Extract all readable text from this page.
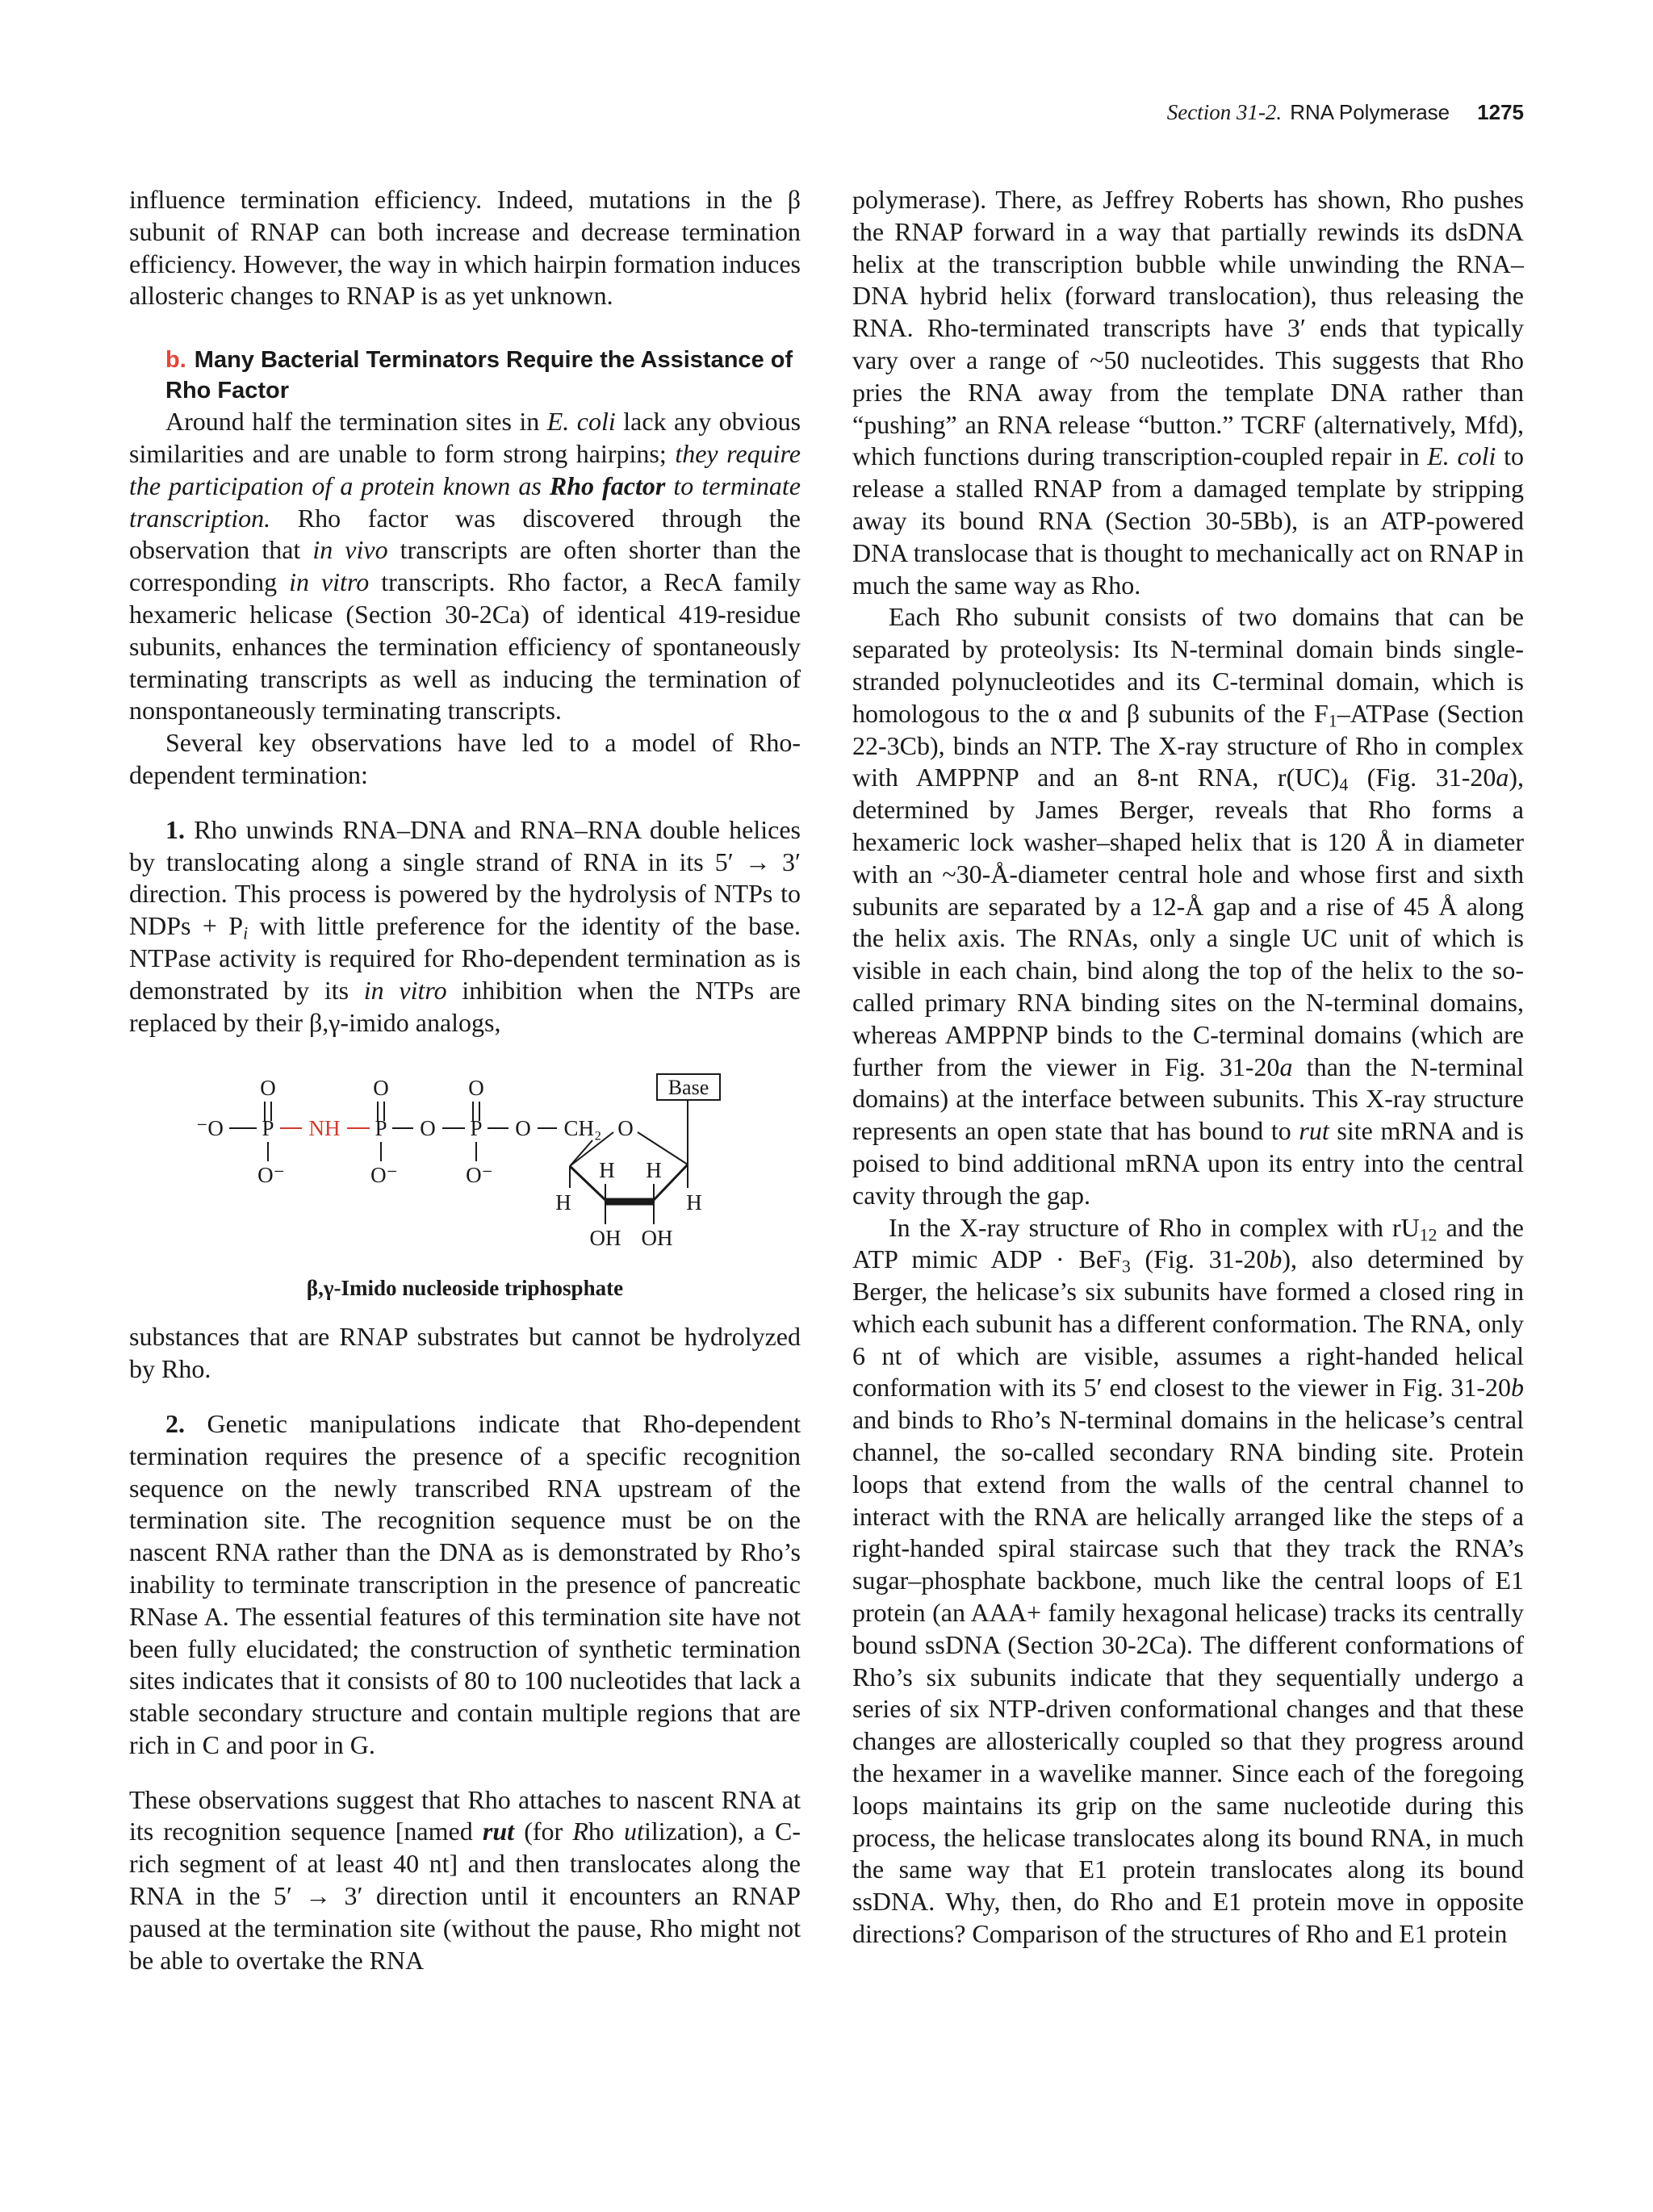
Section 31-2. RNA Polymerase 1275

influence termination efficiency. Indeed, mutations in the β subunit of RNAP can both increase and decrease termination efficiency. However, the way in which hairpin formation induces allosteric changes to RNAP is as yet unknown.

b. Many Bacterial Terminators Require the Assistance of Rho Factor

Around half the termination sites in E. coli lack any obvious similarities and are unable to form strong hairpins; they require the participation of a protein known as Rho factor to terminate transcription. Rho factor was discovered through the observation that in vivo transcripts are often shorter than the corresponding in vitro transcripts. Rho factor, a RecA family hexameric helicase (Section 30-2Ca) of identical 419-residue subunits, enhances the termination efficiency of spontaneously terminating transcripts as well as inducing the termination of nonspontaneously terminating transcripts.

Several key observations have led to a model of Rho-dependent termination:

1. Rho unwinds RNA–DNA and RNA–RNA double helices by translocating along a single strand of RNA in its 5′ → 3′ direction. This process is powered by the hydrolysis of NTPs to NDPs + $P_i$ with little preference for the identity of the base. NTPase activity is required for Rho-dependent termination as is demonstrated by its in vitro inhibition when the NTPs are replaced by their β,γ-imido analogs,

O	O	O
⁻O P NH P O P O CH₂
O⁻	O⁻	O⁻
O
H H
H	H
OH OH
Base
β,γ-Imido nucleoside triphosphate

substances that are RNAP substrates but cannot be hydrolyzed by Rho.

2. Genetic manipulations indicate that Rho-dependent termination requires the presence of a specific recognition sequence on the newly transcribed RNA upstream of the termination site. The recognition sequence must be on the nascent RNA rather than the DNA as is demonstrated by Rho’s inability to terminate transcription in the presence of pancreatic RNase A. The essential features of this termination site have not been fully elucidated; the construction of synthetic termination sites indicates that it consists of 80 to 100 nucleotides that lack a stable secondary structure and contain multiple regions that are rich in C and poor in G.

These observations suggest that Rho attaches to nascent RNA at its recognition sequence [named rut (for Rho utilization), a C-rich segment of at least 40 nt] and then translocates along the RNA in the 5′ → 3′ direction until it encounters an RNAP paused at the termination site (without the pause, Rho might not be able to overtake the RNA

polymerase). There, as Jeffrey Roberts has shown, Rho pushes the RNAP forward in a way that partially rewinds its dsDNA helix at the transcription bubble while unwinding the RNA–DNA hybrid helix (forward translocation), thus releasing the RNA. Rho-terminated transcripts have 3′ ends that typically vary over a range of ~50 nucleotides. This suggests that Rho pries the RNA away from the template DNA rather than “pushing” an RNA release “button.” TCRF (alternatively, Mfd), which functions during transcription-coupled repair in E. coli to release a stalled RNAP from a damaged template by stripping away its bound RNA (Section 30-5Bb), is an ATP-powered DNA translocase that is thought to mechanically act on RNAP in much the same way as Rho.

Each Rho subunit consists of two domains that can be separated by proteolysis: Its N-terminal domain binds single-stranded polynucleotides and its C-terminal domain, which is homologous to the α and β subunits of the $F_1$–ATPase (Section 22-3Cb), binds an NTP. The X-ray structure of Rho in complex with AMPPNP and an 8-nt RNA, $r(UC)_4$ (Fig. 31-20a), determined by James Berger, reveals that Rho forms a hexameric lock washer–shaped helix that is 120 Å in diameter with an ~30-Å-diameter central hole and whose first and sixth subunits are separated by a 12-Å gap and a rise of 45 Å along the helix axis. The RNAs, only a single UC unit of which is visible in each chain, bind along the top of the helix to the so-called primary RNA binding sites on the N-terminal domains, whereas AMPPNP binds to the C-terminal domains (which are further from the viewer in Fig. 31-20a than the N-terminal domains) at the interface between subunits. This X-ray structure represents an open state that has bound to rut site mRNA and is poised to bind additional mRNA upon its entry into the central cavity through the gap.

In the X-ray structure of Rho in complex with $rU_{12}$ and the ATP mimic ADP · BeF$_3$ (Fig. 31-20b), also determined by Berger, the helicase’s six subunits have formed a closed ring in which each subunit has a different conformation. The RNA, only 6 nt of which are visible, assumes a right-handed helical conformation with its 5′ end closest to the viewer in Fig. 31-20b and binds to Rho’s N-terminal domains in the helicase’s central channel, the so-called secondary RNA binding site. Protein loops that extend from the walls of the central channel to interact with the RNA are helically arranged like the steps of a right-handed spiral staircase such that they track the RNA’s sugar–phosphate backbone, much like the central loops of E1 protein (an AAA+ family hexagonal helicase) tracks its centrally bound ssDNA (Section 30-2Ca). The different conformations of Rho’s six subunits indicate that they sequentially undergo a series of six NTP-driven conformational changes and that these changes are allosterically coupled so that they progress around the hexamer in a wavelike manner. Since each of the foregoing loops maintains its grip on the same nucleotide during this process, the helicase translocates along its bound RNA, in much the same way that E1 protein translocates along its bound ssDNA. Why, then, do Rho and E1 protein move in opposite directions? Comparison of the structures of Rho and E1 protein
